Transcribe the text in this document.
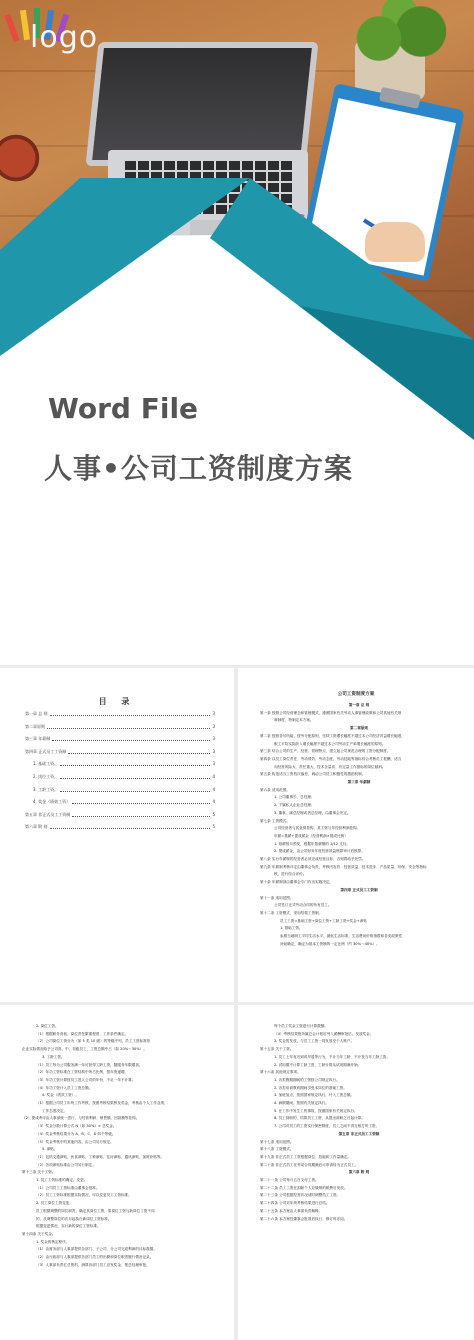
logo
Word File
人事•公司工资制度方案
目 录
第一章 总 则	3
第二章原则	3
第三章 年薪制	3
第四章 正式员工工资制	3
1. 基础工资。	3
2. 岗位工资。	4
3. 工龄工资。	4
4. 奖金（绩效工资）	4
第五章 非正式员工工资制	5
第六章 附 则	5
公司工资制度方案
第一章 总 则
第一条 按照公司经营理念和管理模式，遵照国家有关劳动人事管理政策和公司其他有关规
章制度，特制定本方案。
第二章原则
第二条 按照各尽所能，按劳分配原则，坚持工资增长幅度不超过本公司经济效益增长幅度，
职工平均实际收入增长幅度不超过本公司劳动生产率增长幅度的原则。
第三条 结合公司的生产、经营、管理特点，建立起公司规范合理的工资分配制度。
第四条 以员工岗位责任、劳动绩效、劳动态度、劳动技能等指标综合考核员工报酬，适当
向经营风险大、责任重大、技术含量高、有定量工作指标的岗位倾斜。
第五条 构造适当工资档次落差，调动公司员工积极性的激励机制。
第三章 年薪制
第六条 适用范围。
1. 公司董事长、总经理；
2. 下属私人企业总经理；
3. 董事、副总经理或者总经理，由董事会决定。
第七条 工资模式。
公司经营者与其业绩挂钩，其工资与年经营利润挂钩。
年薪=基薪+提成薪金（经营利润×提成比例）
1. 基薪按月预发，根据年基薪额的 1/12 支付。
2. 提成薪金，由公司财务年度经营效益核算审计后核算。
第八条 实行年薪制的经营者必须完成经营目标，否则将给予处罚。
第九条 年薪制考核评定由董事会负责，考核内容有：经营效益、技术进步、产品质量、环保、安全等指标
核，进行综合评价。
第十条 年薪制须由董事会专门作出实施决定。
第四章 正式员工工资制
第十一条 适用范围。
公司签订正式劳动合同的所有员工。
第十二条 工资模式，采用结构工资制。
员工工资=基础工资+岗位工资+工龄工资+奖金+津贴
1. 基础工资。
参照当地职工平均生活水平、最低生活标准、生活费用价格指数和各类政策性
补贴确定，确定为基本工资额的一定比例（约 30%～40%）。
2. 岗位工资。
（1）根据职务高低、岗位责任繁重程度、工作条件确定。
（2）公司岗位工资分为（如 5 类 10 级）的等级序列，员工工资标准依
企业实际情况给予公司高、中、初级员工，工资总额中占（如 20%～30%）。
3. 工龄工资。
（1）员工每为公司服务满一年可获得工龄工资，随服务年限增加。
（2）年功工资标准在工资结构中所占比例，按年资递增。
（3）年功工资计算按员工进入公司的年份，不足一年不计算。
（4）年功工资计入员工工资总额。
4. 奖金（绩效工资）。
（1）根据公司员工年终工作考核，按照考核结果核发奖金，考核由个人工作业绩、
工作态度决定。
（2）提成考评由人事部统一进行，与经营利润、销售额、回款额等挂钩。
（3）奖金分数计算公式 N（如 30%）× 总奖金。
（4）奖金考核结果分为 A、B、C、D 四个等级。
（5）奖金考核中的其他内容，由公司另行规定。
5. 津贴。
（1）包括交通津贴、伙食津贴、工种津贴、住房津贴、通讯津贴、加班补贴等。
（2）各项津贴标准由公司另行制定。
第十三条 关于工资。
1. 员工工资标准的确定、变更。
（1）公司员工工资标准由董事会批准。
（2）员工工资标准根据实际情况，可以变更员工工资标准。
2. 员工岗位工资变更。
员工根据调整的岗位职责，确定其岗位工资，原岗位工资与新岗位工资不同
的，从调整岗位的次月起执行新岗位工资标准。
根据变更情况，实行新的岗位工资标准。
第十四条 关于奖金。
1. 奖金的核定程序。
（1）由财务部与人事部提供各部门、子公司、分公司完成利润的目标数据。
（2）由行政部与人事部提供各部门员工的出勤和岗位职责履行情况记录。
（3）人事部负责汇总资料，测算各部门员工应发奖金，报总经理审批。
每个员工奖金工资进行计算数额。
（4）考核结果报所属总会计划后列入薪酬审批后，发放奖金。
2. 奖金的发放，与员工工资一同发放至个人账户。
第十五条 关于工资。
1. 员工上年有迟到或早退等行为，不计当年工龄，不计发当年工龄工资。
2. 试用期不计算工龄工资，工龄计算从试用期满开始。
第十六条 其他规定事项。
1. 各类假期期间的工资按公司规定执行。
2. 各类培训教育期间享受本岗位的基础工资。
3. 加班加点，按照国家规定执行，计入工资总额。
4. 病假期间，按照有关规定执行。
5. 在工作中发生工伤事故，按照国家有关规定执行。
6. 员工辞职的，结算员工工资，从提出辞职之日起计算。
7. 公司对员工的工资实行保密制度，员工之间不得互相打听工资。
第五章 非正式员工工资制
第十七条 适用范围。
第十八条 工资模式。
第十九条 非正式员工工资根据岗位、技能和工作量确定。
第二十条 非正式员工在劳动合同期满后可申请转为正式员工。
第六章 附 则
第二十一条 公司每月五日支付工资。
第二十二条 员工工资在扣除个人应缴纳的税费后发放。
第二十三条 公司根据经营状况适时调整员工工资。
第二十四条 公司对年终考核结果进行总结。
第二十五条 本方案由人事部负责解释。
第二十六条 本方案经董事会批准后执行，修订时亦同。
